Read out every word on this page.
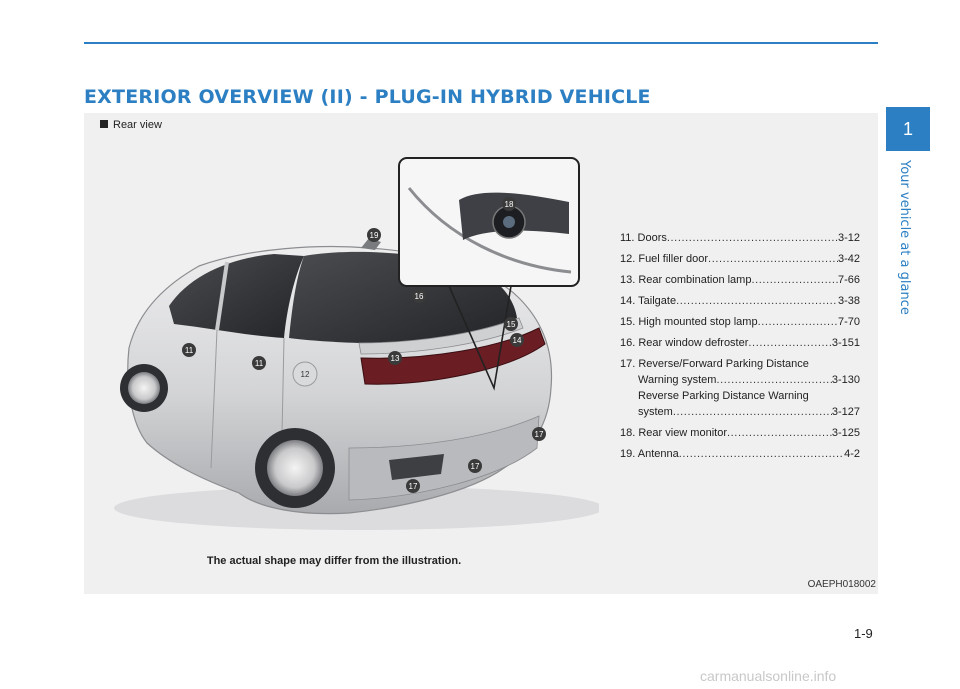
EXTERIOR OVERVIEW (II) - PLUG-IN HYBRID VEHICLE
Rear view
19
16
15
14
13
11
11
12
17
17
17
18
11. Doors .....	3-12
12. Fuel filler door .....	3-42
13. Rear combination lamp .....	7-66
14. Tailgate .....	3-38
15. High mounted stop lamp .....	7-70
16. Rear window defroster .....	3-151
17. Reverse/Forward Parking Distance
Warning system .....	3-130
Reverse Parking Distance Warning
system .....	3-127
18. Rear view monitor .....	3-125
19. Antenna .....	4-2
The actual shape may differ from the illustration.
OAEPH018002
1
Your vehicle at a glance
1-9
carmanualsonline.info
